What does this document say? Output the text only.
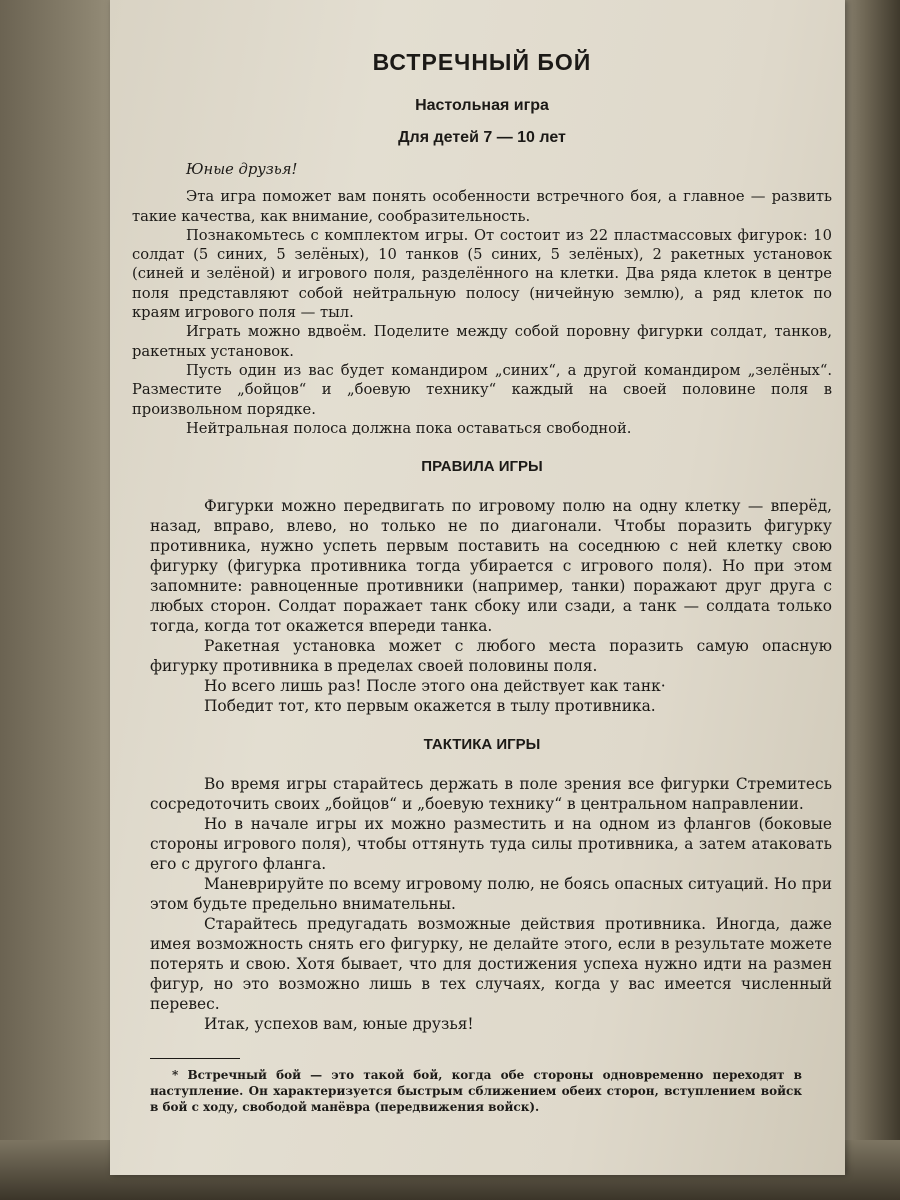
ВСТРЕЧНЫЙ БОЙ
Настольная игра
Для детей 7 — 10 лет
Юные друзья!

Эта игра поможет вам понять особенности встречного боя, а главное — развить такие качества, как внимание, сообразительность.

Познакомьтесь с комплектом игры. От состоит из 22 пластмассовых фигурок: 10 солдат (5 синих, 5 зелёных), 10 танков (5 синих, 5 зелёных), 2 ракетных установок (синей и зелёной) и игрового поля, разделённого на клетки. Два ряда клеток в центре поля представляют собой нейтральную полосу (ничейную землю), а ряд клеток по краям игрового поля — тыл.

Играть можно вдвоём. Поделите между собой поровну фигурки солдат, танков, ракетных установок.

Пусть один из вас будет командиром „синих“, а другой командиром „зелёных“. Разместите „бойцов“ и „боевую технику“ каждый на своей половине поля в произвольном порядке.

Нейтральная полоса должна пока оставаться свободной.

ПРАВИЛА ИГРЫ

Фигурки можно передвигать по игровому полю на одну клетку — вперёд, назад, вправо, влево, но только не по диагонали. Чтобы поразить фигурку противника, нужно успеть первым поставить на соседнюю с ней клетку свою фигурку (фигурка противника тогда убирается с игрового поля). Но при этом запомните: равноценные противники (например, танки) поражают друг друга с любых сторон. Солдат поражает танк сбоку или сзади, а танк — солдата только тогда, когда тот окажется впереди танка.

Ракетная установка может с любого места поразить самую опасную фигурку противника в пределах своей половины поля.

Но всего лишь раз! После этого она действует как танк·

Победит тот, кто первым окажется в тылу противника.

ТАКТИКА ИГРЫ

Во время игры старайтесь держать в поле зрения все фигурки Стремитесь сосредоточить своих „бойцов“ и „боевую технику“ в центральном направлении.

Но в начале игры их можно разместить и на одном из флангов (боковые стороны игрового поля), чтобы оттянуть туда силы противника, а затем атаковать его с другого фланга.

Маневрируйте по всему игровому полю, не боясь опасных ситуаций. Но при этом будьте предельно внимательны.

Старайтесь предугадать возможные действия противника. Иногда, даже имея возможность снять его фигурку, не делайте этого, если в результате можете потерять и свою. Хотя бывает, что для достижения успеха нужно идти на размен фигур, но это возможно лишь в тех случаях, когда у вас имеется численный перевес.

Итак, успехов вам, юные друзья!

* Встречный бой — это такой бой, когда обе стороны одновременно переходят в наступление. Он характеризуется быстрым сближением обеих сторон, вступлением войск в бой с ходу, свободой манёвра (передвижения войск).
